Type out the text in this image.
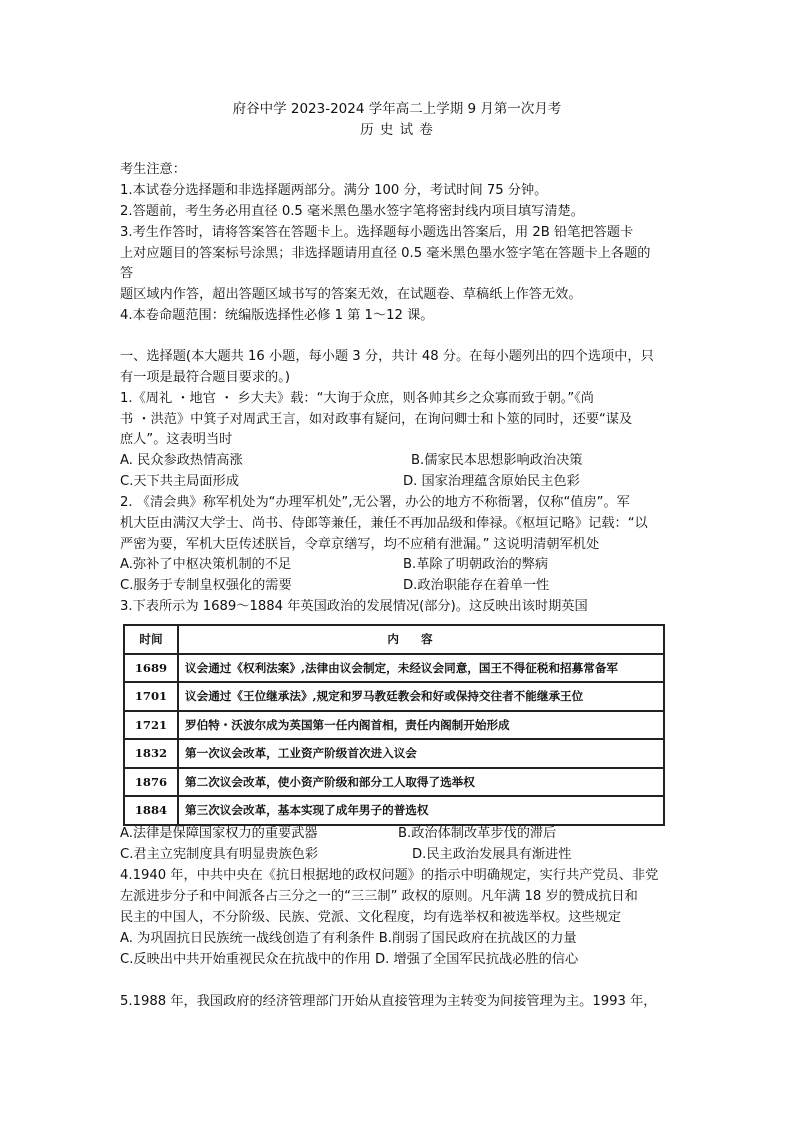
府谷中学 2023-2024 学年高二上学期 9 月第一次月考
历 史 试 卷
考生注意：
1.本试卷分选择题和非选择题两部分。满分 100 分，考试时间 75 分钟。
2.答题前，考生务必用直径 0.5 毫米黑色墨水签字笔将密封线内项目填写清楚。
3.考生作答时，请将答案答在答题卡上。选择题每小题选出答案后，用 2B 铅笔把答题卡
上对应题目的答案标号涂黑；非选择题请用直径 0.5 毫米黑色墨水签字笔在答题卡上各题的
答
题区域内作答，超出答题区域书写的答案无效，在试题卷、草稿纸上作答无效。
4.本卷命题范围：统编版选择性必修 1 第 1～12 课。
一、选择题(本大题共 16 小题，每小题 3 分，共计 48 分。在每小题列出的四个选项中，只
有一项是最符合题目要求的。)
1.《周礼 ・地官 ・ 乡大夫》载：“大询于众庶，则各帅其乡之众寡而致于朝。”《尚
书 ・洪范》中箕子对周武王言，如对政事有疑问，在询问卿士和卜筮的同时，还要“谋及
庶人”。这表明当时
A. 民众参政热情高涨	B.儒家民本思想影响政治决策
C.天下共主局面形成	D. 国家治理蕴含原始民主色彩
2. 《清会典》称军机处为“办理军机处”,无公署，办公的地方不称衙署，仅称“值房”。军
机大臣由满汉大学士、尚书、侍郎等兼任，兼任不再加品级和俸禄。《枢垣记略》记载：“以
严密为要，军机大臣传述朕旨，令章京缮写，均不应稍有泄漏。” 这说明清朝军机处
A.弥补了中枢决策机制的不足	B.革除了明朝政治的弊病
C.服务于专制皇权强化的需要	D.政治职能存在着单一性
3.下表所示为 1689～1884 年英国政治的发展情况(部分)。这反映出该时期英国
时间	内容
1689	议会通过《权利法案》,法律由议会制定，未经议会同意，国王不得征税和招募常备军
1701	议会通过《王位继承法》,规定和罗马教廷教会和好或保持交往者不能继承王位
1721	罗伯特・沃波尔成为英国第一任内阁首相，责任内阁制开始形成
1832	第一次议会改革，工业资产阶级首次进入议会
1876	第二次议会改革，使小资产阶级和部分工人取得了选举权
1884	第三次议会改革，基本实现了成年男子的普选权
A.法律是保障国家权力的重要武器	B.政治体制改革步伐的滞后
C.君主立宪制度具有明显贵族色彩	D.民主政治发展具有渐进性
4.1940 年，中共中央在《抗日根据地的政权问题》的指示中明确规定，实行共产党员、非党
左派进步分子和中间派各占三分之一的“三三制” 政权的原则。凡年满 18 岁的赞成抗日和
民主的中国人，不分阶级、民族、党派、文化程度，均有选举权和被选举权。这些规定
A. 为巩固抗日民族统一战线创造了有利条件 B.削弱了国民政府在抗战区的力量
C.反映出中共开始重视民众在抗战中的作用 D. 增强了全国军民抗战必胜的信心
5.1988 年，我国政府的经济管理部门开始从直接管理为主转变为间接管理为主。1993 年，
